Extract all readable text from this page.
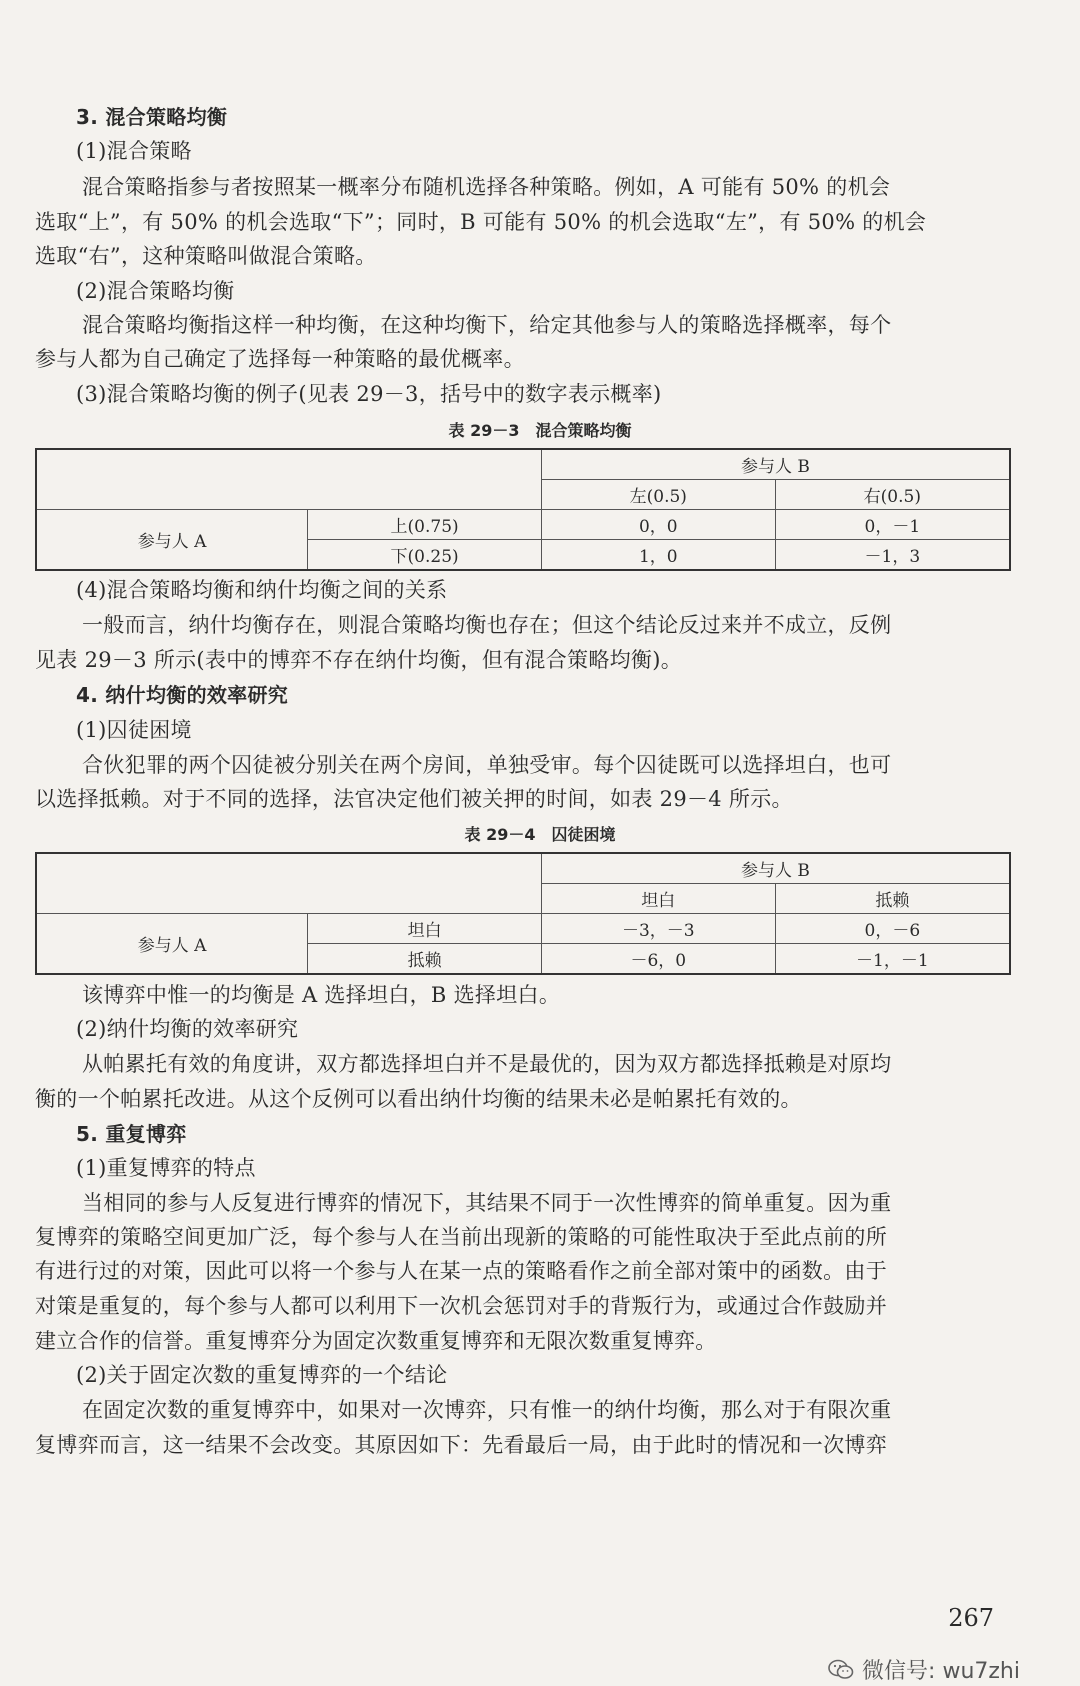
3. 混合策略均衡
(1)混合策略
混合策略指参与者按照某一概率分布随机选择各种策略。例如，A 可能有 50% 的机会
选取“上”，有 50% 的机会选取“下”；同时，B 可能有 50% 的机会选取“左”，有 50% 的机会
选取“右”，这种策略叫做混合策略。
(2)混合策略均衡
混合策略均衡指这样一种均衡，在这种均衡下，给定其他参与人的策略选择概率，每个
参与人都为自己确定了选择每一种策略的最优概率。
(3)混合策略均衡的例子(见表 29－3，括号中的数字表示概率)
表 29－3　混合策略均衡
		参与人 B	
		左(0.5)	右(0.5)
参与人 A	上(0.75)	0，0	0，－1
	下(0.25)	1，0	－1，3
(4)混合策略均衡和纳什均衡之间的关系
一般而言，纳什均衡存在，则混合策略均衡也存在；但这个结论反过来并不成立，反例
见表 29－3 所示(表中的博弈不存在纳什均衡，但有混合策略均衡)。
4. 纳什均衡的效率研究
(1)囚徒困境
合伙犯罪的两个囚徒被分别关在两个房间，单独受审。每个囚徒既可以选择坦白，也可
以选择抵赖。对于不同的选择，法官决定他们被关押的时间，如表 29－4 所示。
表 29－4　囚徒困境
		参与人 B	
		坦白	抵赖
参与人 A	坦白	－3，－3	0，－6
	抵赖	－6，0	－1，－1
该博弈中惟一的均衡是 A 选择坦白，B 选择坦白。
(2)纳什均衡的效率研究
从帕累托有效的角度讲，双方都选择坦白并不是最优的，因为双方都选择抵赖是对原均
衡的一个帕累托改进。从这个反例可以看出纳什均衡的结果未必是帕累托有效的。
5. 重复博弈
(1)重复博弈的特点
当相同的参与人反复进行博弈的情况下，其结果不同于一次性博弈的简单重复。因为重
复博弈的策略空间更加广泛，每个参与人在当前出现新的策略的可能性取决于至此点前的所
有进行过的对策，因此可以将一个参与人在某一点的策略看作之前全部对策中的函数。由于
对策是重复的，每个参与人都可以利用下一次机会惩罚对手的背叛行为，或通过合作鼓励并
建立合作的信誉。重复博弈分为固定次数重复博弈和无限次数重复博弈。
(2)关于固定次数的重复博弈的一个结论
在固定次数的重复博弈中，如果对一次博弈，只有惟一的纳什均衡，那么对于有限次重
复博弈而言，这一结果不会改变。其原因如下：先看最后一局，由于此时的情况和一次博弈
267
微信号: wu7zhi
